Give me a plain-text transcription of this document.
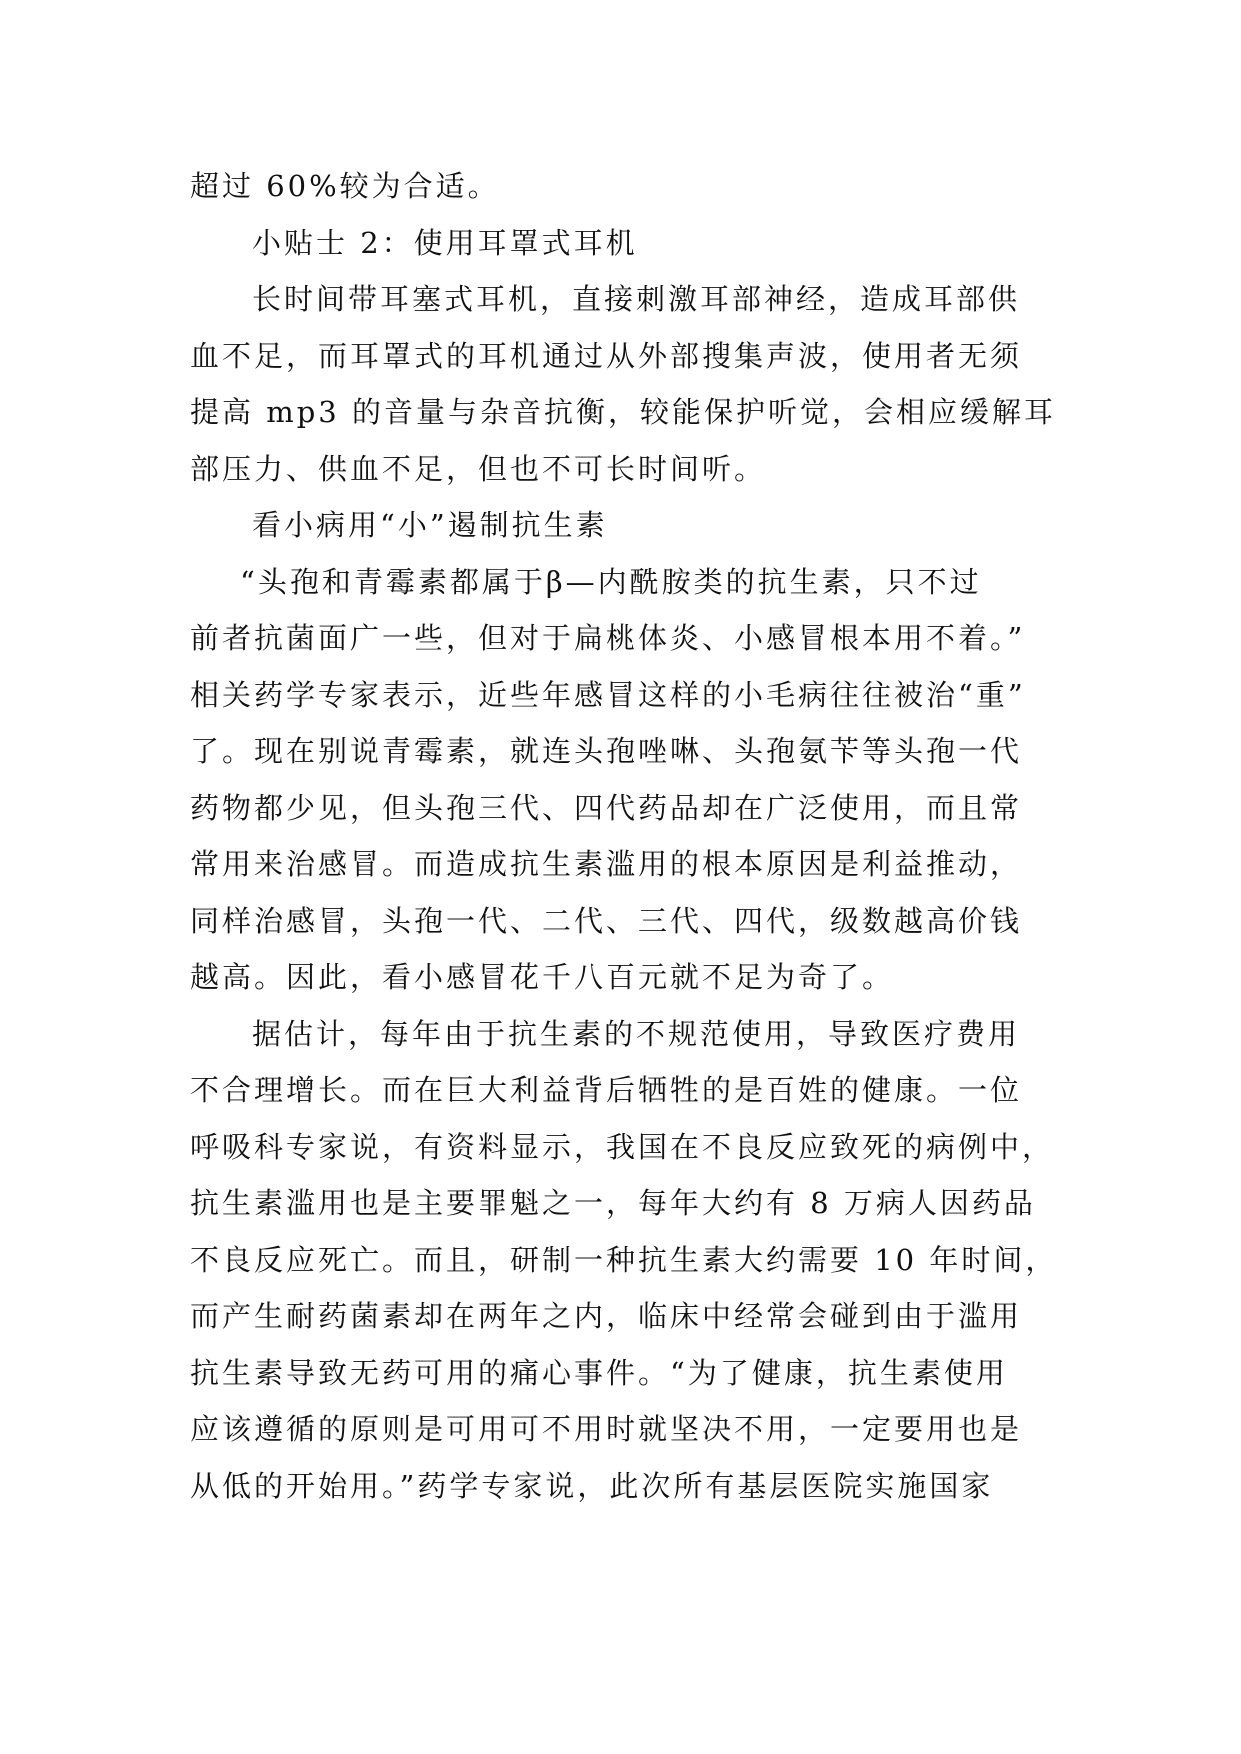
超过 60%较为合适。
小贴士 2：使用耳罩式耳机
长时间带耳塞式耳机，直接刺激耳部神经，造成耳部供
血不足，而耳罩式的耳机通过从外部搜集声波，使用者无须
提高 mp3 的音量与杂音抗衡，较能保护听觉，会相应缓解耳
部压力、供血不足，但也不可长时间听。
看小病用“小”遏制抗生素
“头孢和青霉素都属于β—内酰胺类的抗生素，只不过
前者抗菌面广一些，但对于扁桃体炎、小感冒根本用不着。”
相关药学专家表示，近些年感冒这样的小毛病往往被治“重”
了。现在别说青霉素，就连头孢唑啉、头孢氨苄等头孢一代
药物都少见，但头孢三代、四代药品却在广泛使用，而且常
常用来治感冒。而造成抗生素滥用的根本原因是利益推动，
同样治感冒，头孢一代、二代、三代、四代，级数越高价钱
越高。因此，看小感冒花千八百元就不足为奇了。
据估计，每年由于抗生素的不规范使用，导致医疗费用
不合理增长。而在巨大利益背后牺牲的是百姓的健康。一位
呼吸科专家说，有资料显示，我国在不良反应致死的病例中，
抗生素滥用也是主要罪魁之一，每年大约有 8 万病人因药品
不良反应死亡。而且，研制一种抗生素大约需要 10 年时间，
而产生耐药菌素却在两年之内，临床中经常会碰到由于滥用
抗生素导致无药可用的痛心事件。“为了健康，抗生素使用
应该遵循的原则是可用可不用时就坚决不用，一定要用也是
从低的开始用。”药学专家说，此次所有基层医院实施国家
